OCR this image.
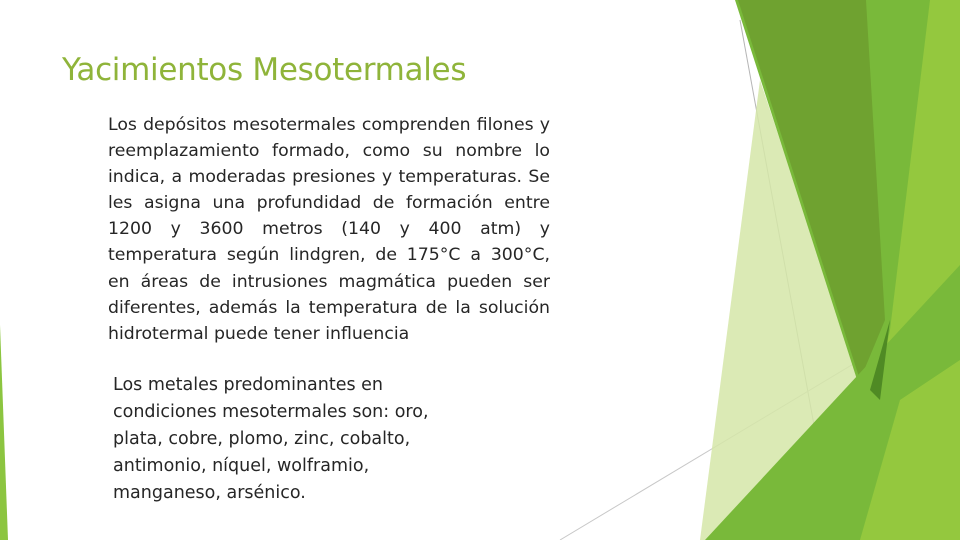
Yacimientos Mesotermales

Los depósitos mesotermales comprenden filones y reemplazamiento formado, como su nombre lo indica, a moderadas presiones y temperaturas. Se les asigna una profundidad de formación entre 1200 y 3600 metros (140 y 400 atm) y temperatura según lindgren, de 175°C a 300°C, en áreas de intrusiones magmática pueden ser diferentes, además la temperatura de la solución hidrotermal puede tener influencia

Los metales predominantes en condiciones mesotermales son: oro, plata, cobre, plomo, zinc, cobalto, antimonio, níquel, wolframio, manganeso, arsénico.
